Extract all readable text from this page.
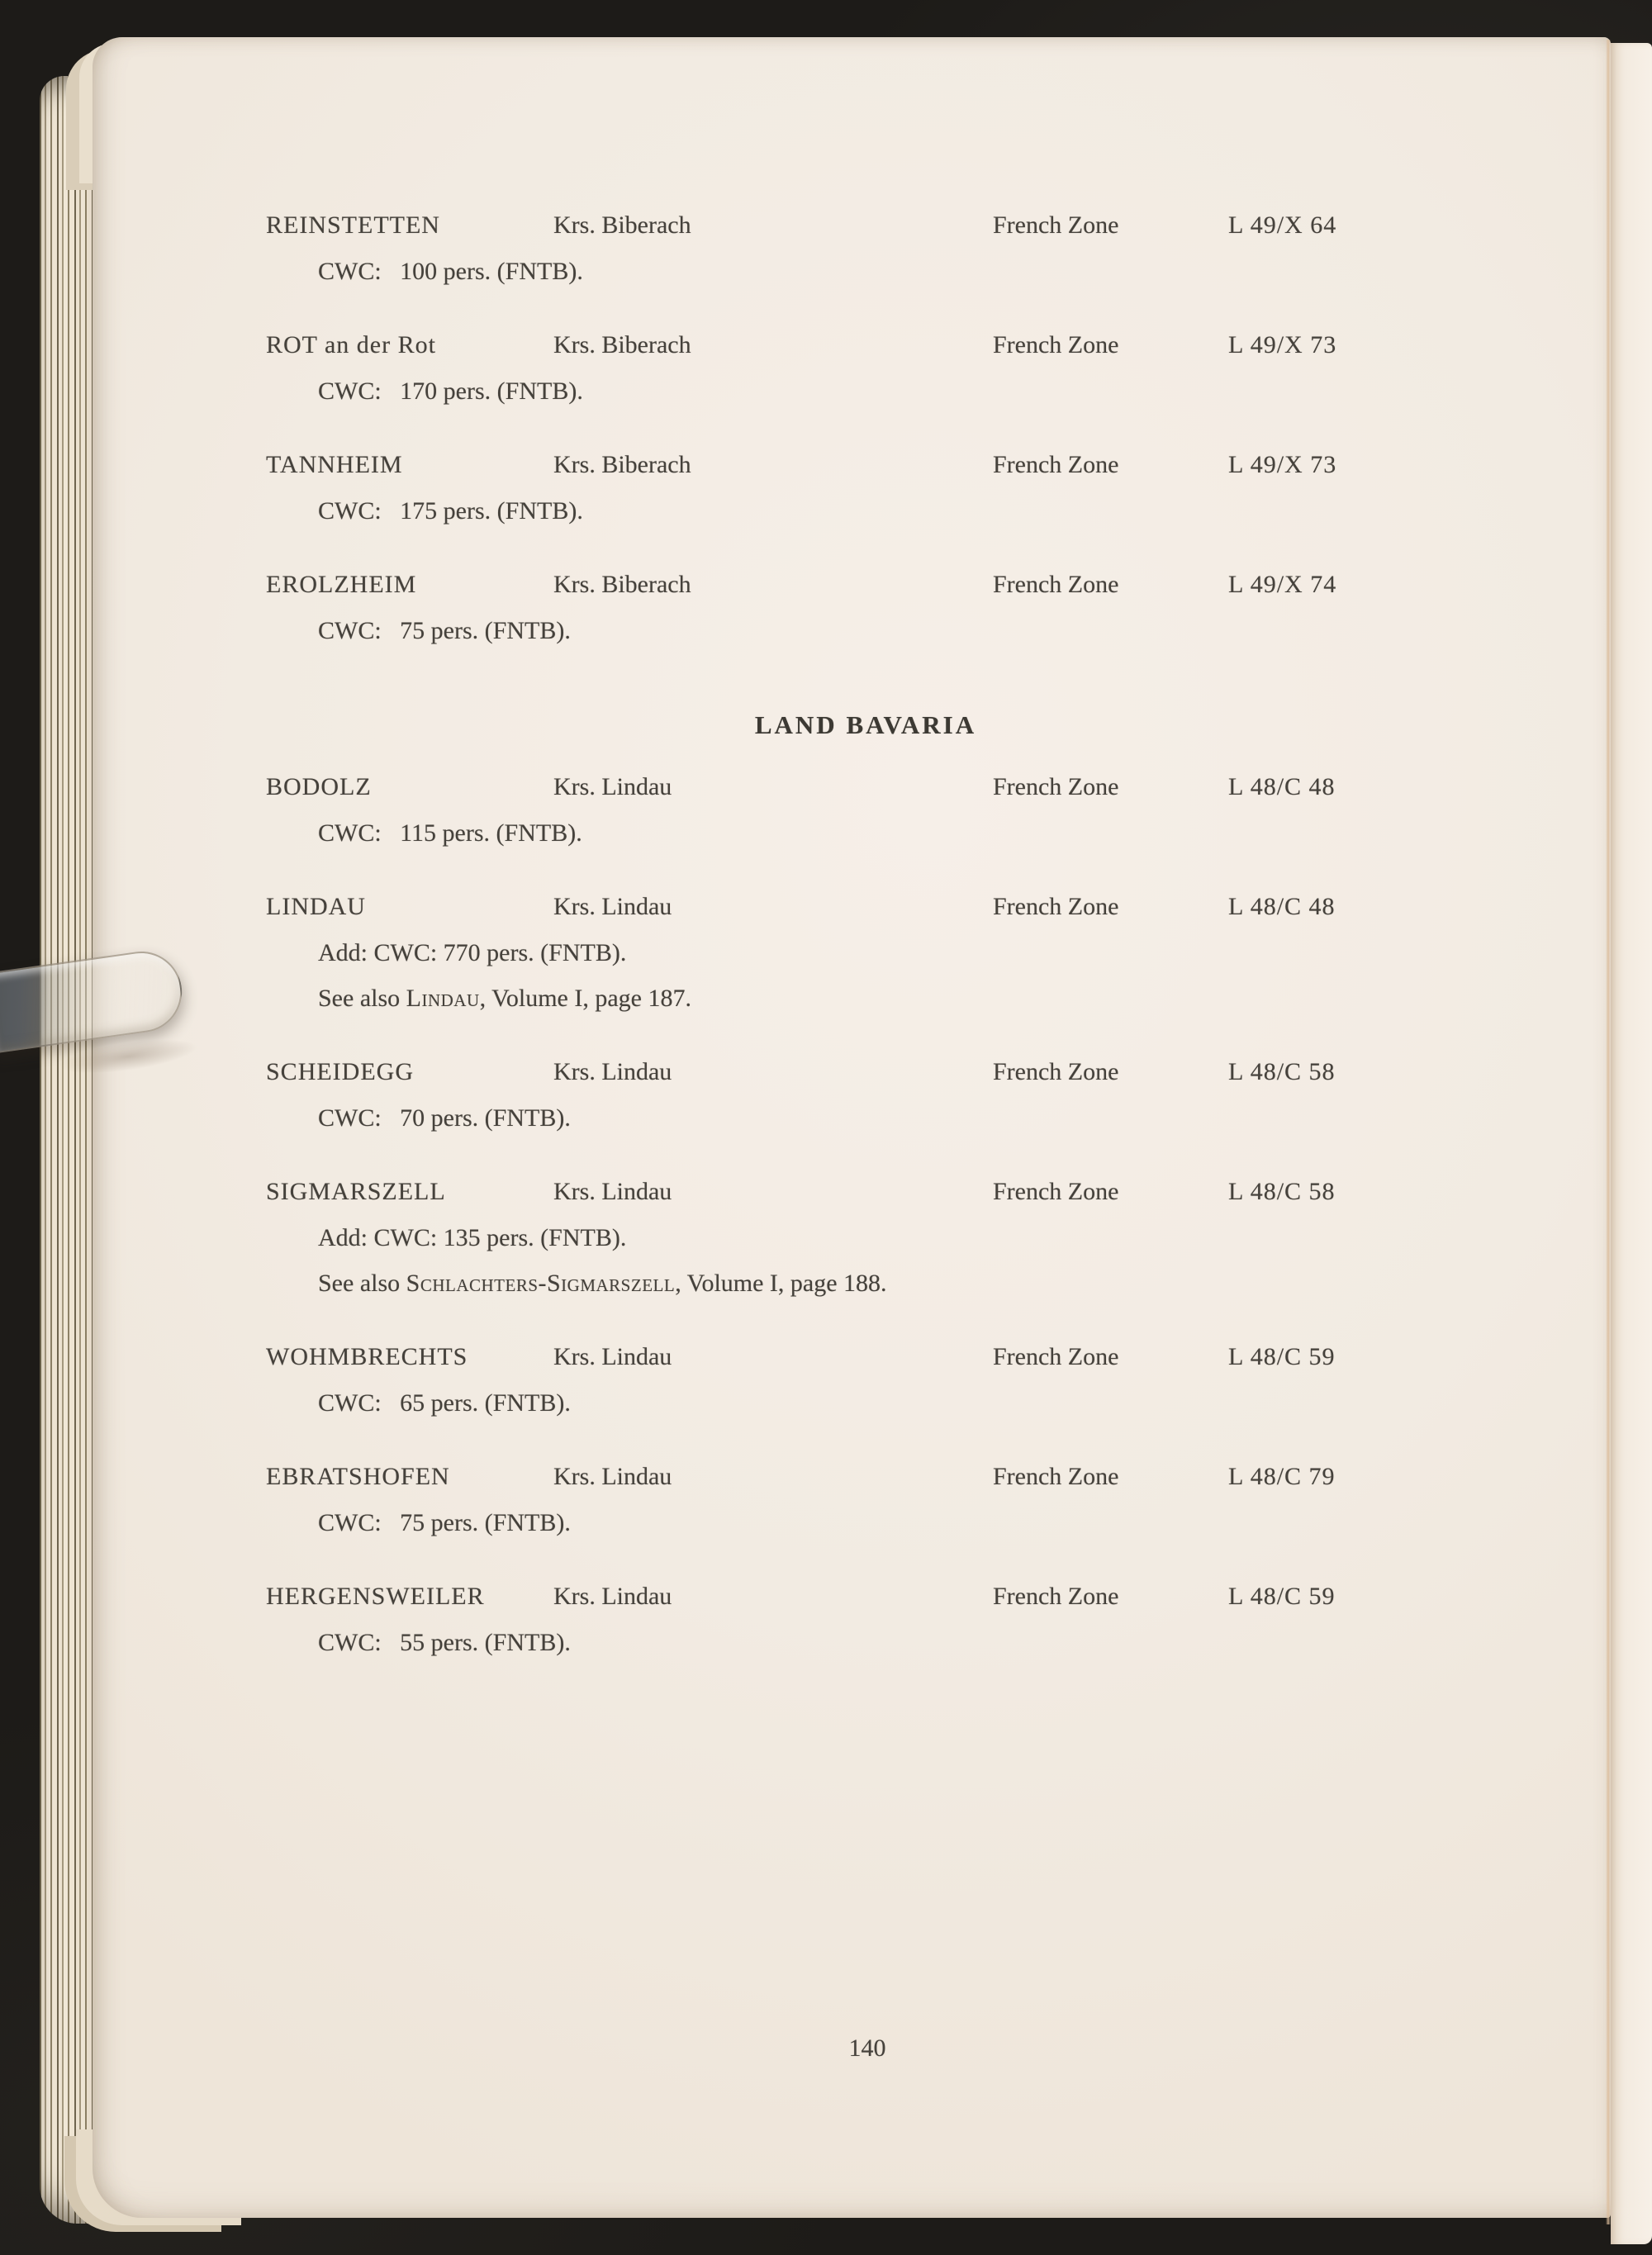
REINSTETTEN	Krs. Biberach	French Zone	L 49/X 64
CWC:   100 pers. (FNTB).
ROT an der Rot	Krs. Biberach	French Zone	L 49/X 73
CWC:   170 pers. (FNTB).
TANNHEIM	Krs. Biberach	French Zone	L 49/X 73
CWC:   175 pers. (FNTB).
EROLZHEIM	Krs. Biberach	French Zone	L 49/X 74
CWC:   75 pers. (FNTB).
LAND BAVARIA
BODOLZ	Krs. Lindau	French Zone	L 48/C 48
CWC:   115 pers. (FNTB).
LINDAU	Krs. Lindau	French Zone	L 48/C 48
Add: CWC: 770 pers. (FNTB).
See also Lindau, Volume I, page 187.
SCHEIDEGG	Krs. Lindau	French Zone	L 48/C 58
CWC:   70 pers. (FNTB).
SIGMARSZELL	Krs. Lindau	French Zone	L 48/C 58
Add: CWC: 135 pers. (FNTB).
See also Schlachters-Sigmarszell, Volume I, page 188.
WOHMBRECHTS	Krs. Lindau	French Zone	L 48/C 59
CWC:   65 pers. (FNTB).
EBRATSHOFEN	Krs. Lindau	French Zone	L 48/C 79
CWC:   75 pers. (FNTB).
HERGENSWEILER	Krs. Lindau	French Zone	L 48/C 59
CWC:   55 pers. (FNTB).
140
